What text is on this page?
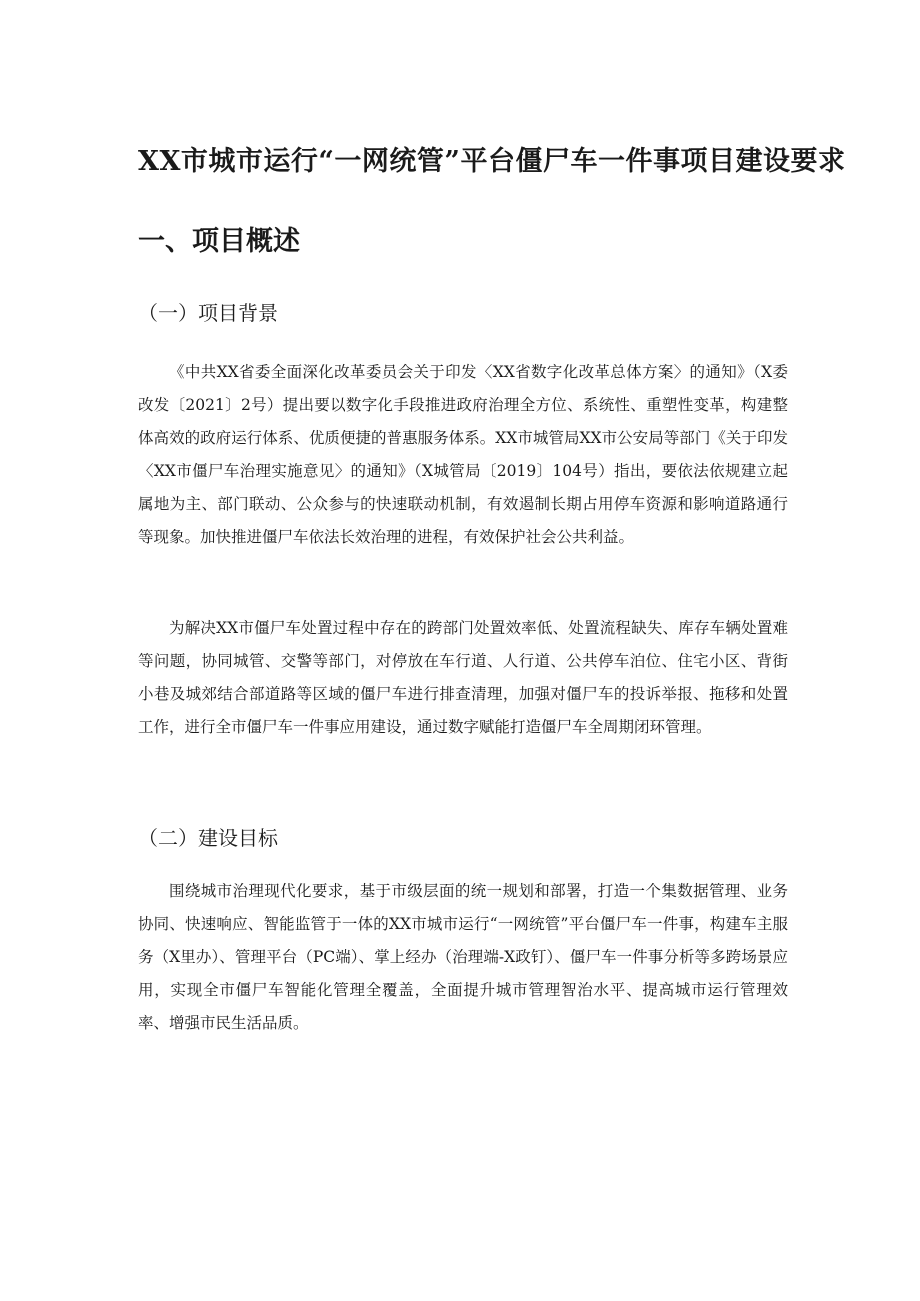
XX市城市运行“一网统管”平台僵尸车一件事项目建设要求
一、项目概述
（一）项目背景

《中共XX省委全面深化改革委员会关于印发〈XX省数字化改革总体方案〉的通知》（X委改发〔2021〕2号）提出要以数字化手段推进政府治理全方位、系统性、重塑性变革，构建整体高效的政府运行体系、优质便捷的普惠服务体系。XX市城管局XX市公安局等部门《关于印发〈XX市僵尸车治理实施意见〉的通知》（X城管局〔2019〕104号）指出，要依法依规建立起属地为主、部门联动、公众参与的快速联动机制，有效遏制长期占用停车资源和影响道路通行等现象。加快推进僵尸车依法长效治理的进程，有效保护社会公共利益。

为解决XX市僵尸车处置过程中存在的跨部门处置效率低、处置流程缺失、库存车辆处置难等问题，协同城管、交警等部门，对停放在车行道、人行道、公共停车泊位、住宅小区、背街小巷及城郊结合部道路等区域的僵尸车进行排查清理，加强对僵尸车的投诉举报、拖移和处置工作，进行全市僵尸车一件事应用建设，通过数字赋能打造僵尸车全周期闭环管理。

（二）建设目标

围绕城市治理现代化要求，基于市级层面的统一规划和部署，打造一个集数据管理、业务协同、快速响应、智能监管于一体的XX市城市运行“一网统管”平台僵尸车一件事，构建车主服务（X里办）、管理平台（PC端）、掌上经办（治理端-X政钉）、僵尸车一件事分析等多跨场景应用，实现全市僵尸车智能化管理全覆盖，全面提升城市管理智治水平、提高城市运行管理效率、增强市民生活品质。
